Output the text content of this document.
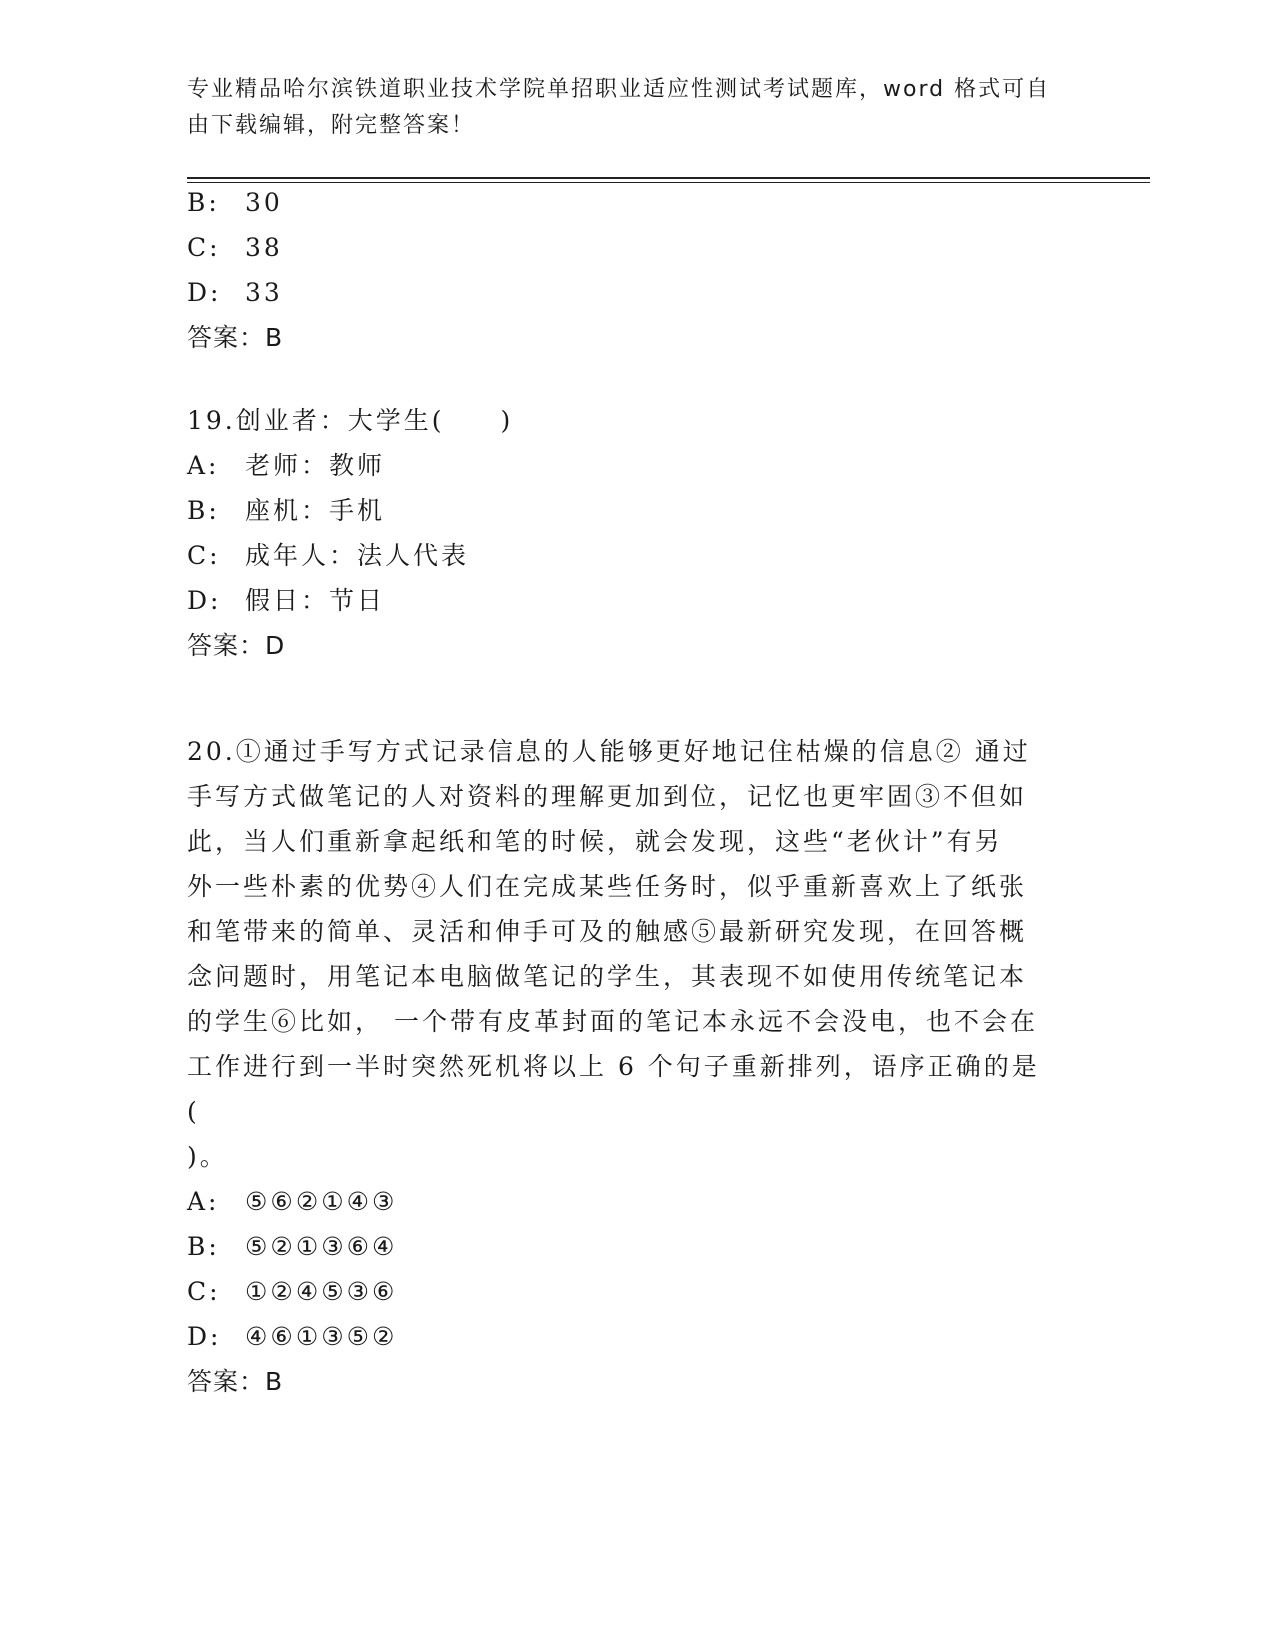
专业精品哈尔滨铁道职业技术学院单招职业适应性测试考试题库，word 格式可自
由下载编辑，附完整答案！
B: 30
C: 38
D: 33
答案：B
19.创业者：大学生(　　)
A: 老师：教师
B: 座机：手机
C: 成年人：法人代表
D: 假日：节日
答案：D
20.①通过手写方式记录信息的人能够更好地记住枯燥的信息② 通过
手写方式做笔记的人对资料的理解更加到位，记忆也更牢固③不但如
此，当人们重新拿起纸和笔的时候，就会发现，这些“老伙计”有另
外一些朴素的优势④人们在完成某些任务时，似乎重新喜欢上了纸张
和笔带来的简单、灵活和伸手可及的触感⑤最新研究发现，在回答概
念问题时，用笔记本电脑做笔记的学生，其表现不如使用传统笔记本
的学生⑥比如， 一个带有皮革封面的笔记本永远不会没电，也不会在
工作进行到一半时突然死机将以上 6 个句子重新排列，语序正确的是(
)。
A: ⑤⑥②①④③
B: ⑤②①③⑥④
C: ①②④⑤③⑥
D: ④⑥①③⑤②
答案：B
